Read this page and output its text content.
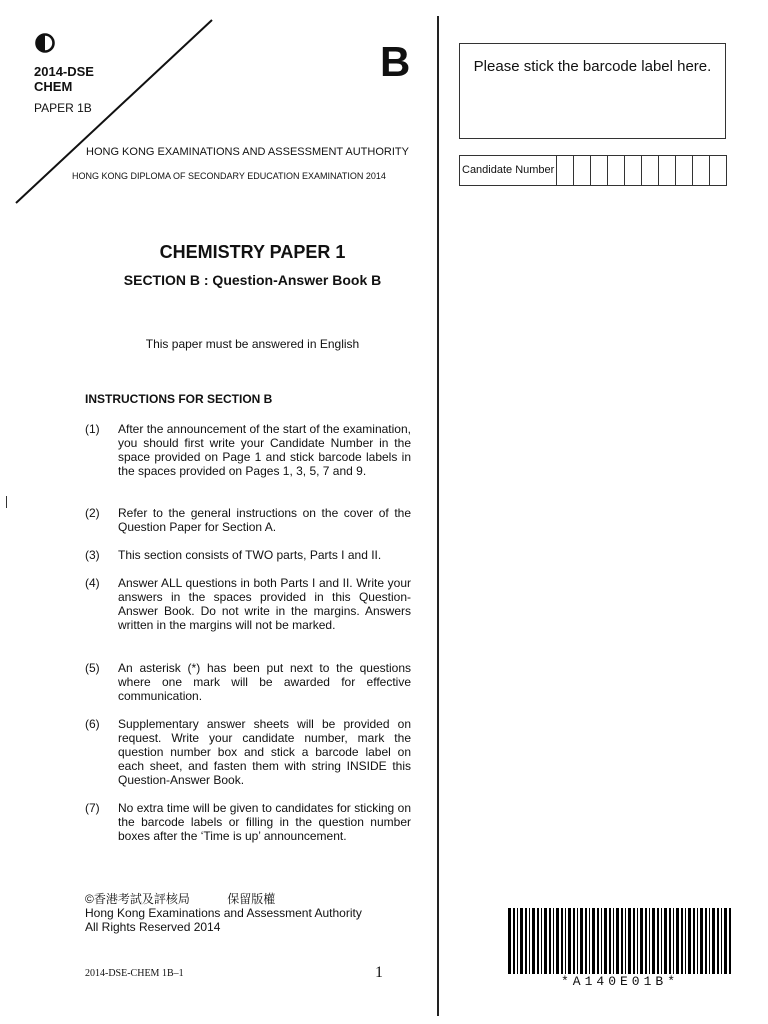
2014-DSE
CHEM
PAPER 1B
B
HONG KONG EXAMINATIONS AND ASSESSMENT AUTHORITY
HONG KONG DIPLOMA OF SECONDARY EDUCATION EXAMINATION 2014
Please stick the barcode label here.
Candidate Number
CHEMISTRY PAPER 1
SECTION B : Question-Answer Book B
This paper must be answered in English
INSTRUCTIONS FOR SECTION B
(1)	After the announcement of the start of the examination, you should first write your Candidate Number in the space provided on Page 1 and stick barcode labels in the spaces provided on Pages 1, 3, 5, 7 and 9.
(2)	Refer to the general instructions on the cover of the Question Paper for Section A.
(3)	This section consists of TWO parts, Parts I and II.
(4)	Answer ALL questions in both Parts I and II. Write your answers in the spaces provided in this Question-Answer Book. Do not write in the margins. Answers written in the margins will not be marked.
(5)	An asterisk (*) has been put next to the questions where one mark will be awarded for effective communication.
(6)	Supplementary answer sheets will be provided on request. Write your candidate number, mark the question number box and stick a barcode label on each sheet, and fasten them with string INSIDE this Question-Answer Book.
(7)	No extra time will be given to candidates for sticking on the barcode labels or filling in the question number boxes after the ‘Time is up’ announcement.
©香港考試及評核局	保留版權
Hong Kong Examinations and Assessment Authority
All Rights Reserved 2014
2014-DSE-CHEM 1B–1	1
*A140E01B*
